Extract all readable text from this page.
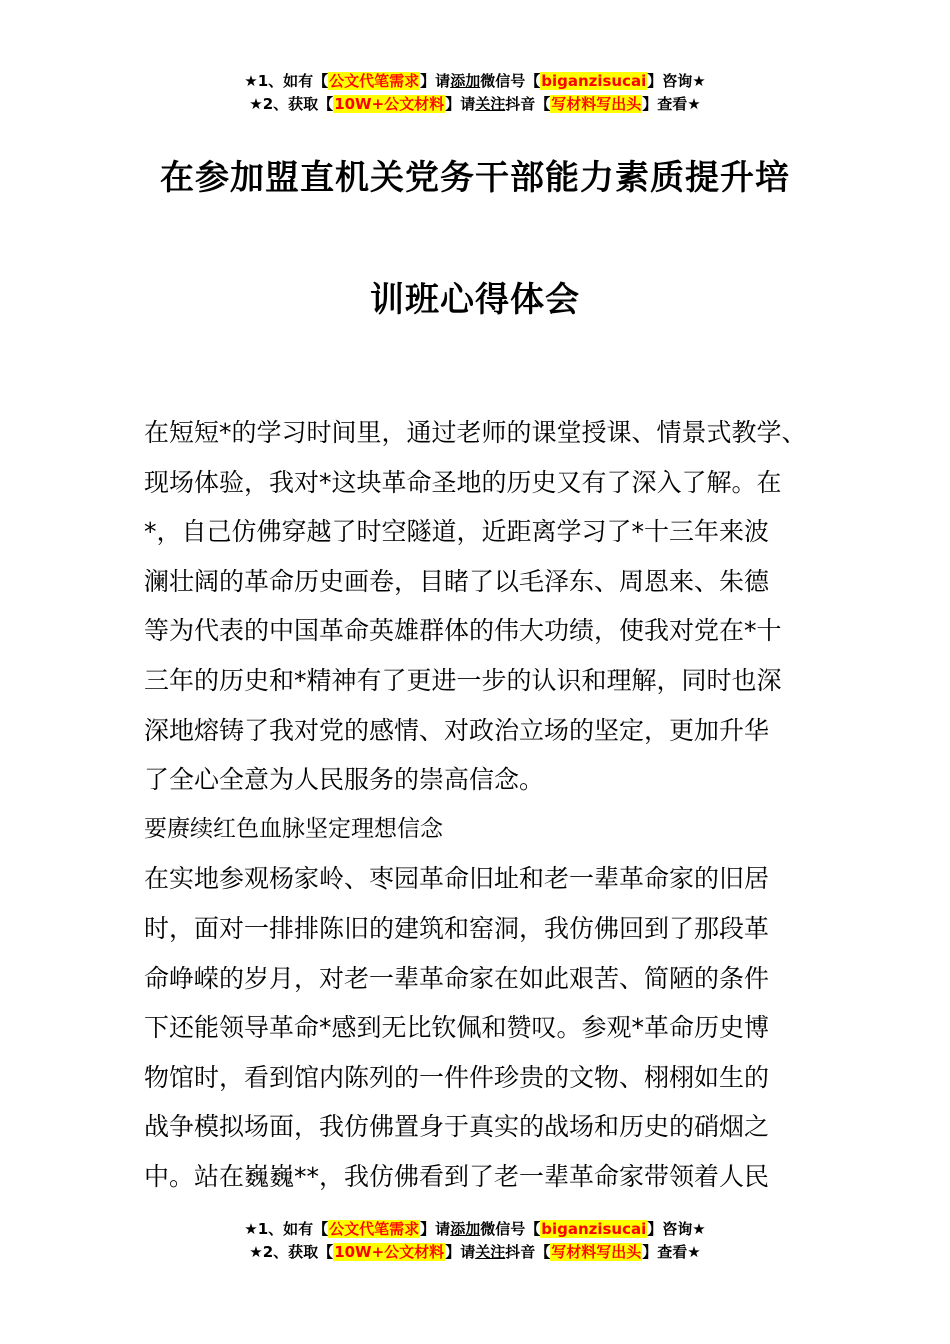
★1、如有【公文代笔需求】请添加微信号【biganzisucai】咨询★
★2、获取【10W+公文材料】请关注抖音【写材料写出头】查看★
在参加盟直机关党务干部能力素质提升培
训班心得体会

在短短*的学习时间里，通过老师的课堂授课、情景式教学、

现场体验，我对*这块革命圣地的历史又有了深入了解。在

*，自己仿佛穿越了时空隧道，近距离学习了*十三年来波

澜壮阔的革命历史画卷，目睹了以毛泽东、周恩来、朱德

等为代表的中国革命英雄群体的伟大功绩，使我对党在*十

三年的历史和*精神有了更进一步的认识和理解，同时也深

深地熔铸了我对党的感情、对政治立场的坚定，更加升华

了全心全意为人民服务的崇高信念。

要赓续红色血脉坚定理想信念

在实地参观杨家岭、枣园革命旧址和老一辈革命家的旧居

时，面对一排排陈旧的建筑和窑洞，我仿佛回到了那段革

命峥嵘的岁月，对老一辈革命家在如此艰苦、简陋的条件

下还能领导革命*感到无比钦佩和赞叹。参观*革命历史博

物馆时，看到馆内陈列的一件件珍贵的文物、栩栩如生的

战争模拟场面，我仿佛置身于真实的战场和历史的硝烟之

中。站在巍巍**，我仿佛看到了老一辈革命家带领着人民

★1、如有【公文代笔需求】请添加微信号【biganzisucai】咨询★
★2、获取【10W+公文材料】请关注抖音【写材料写出头】查看★
